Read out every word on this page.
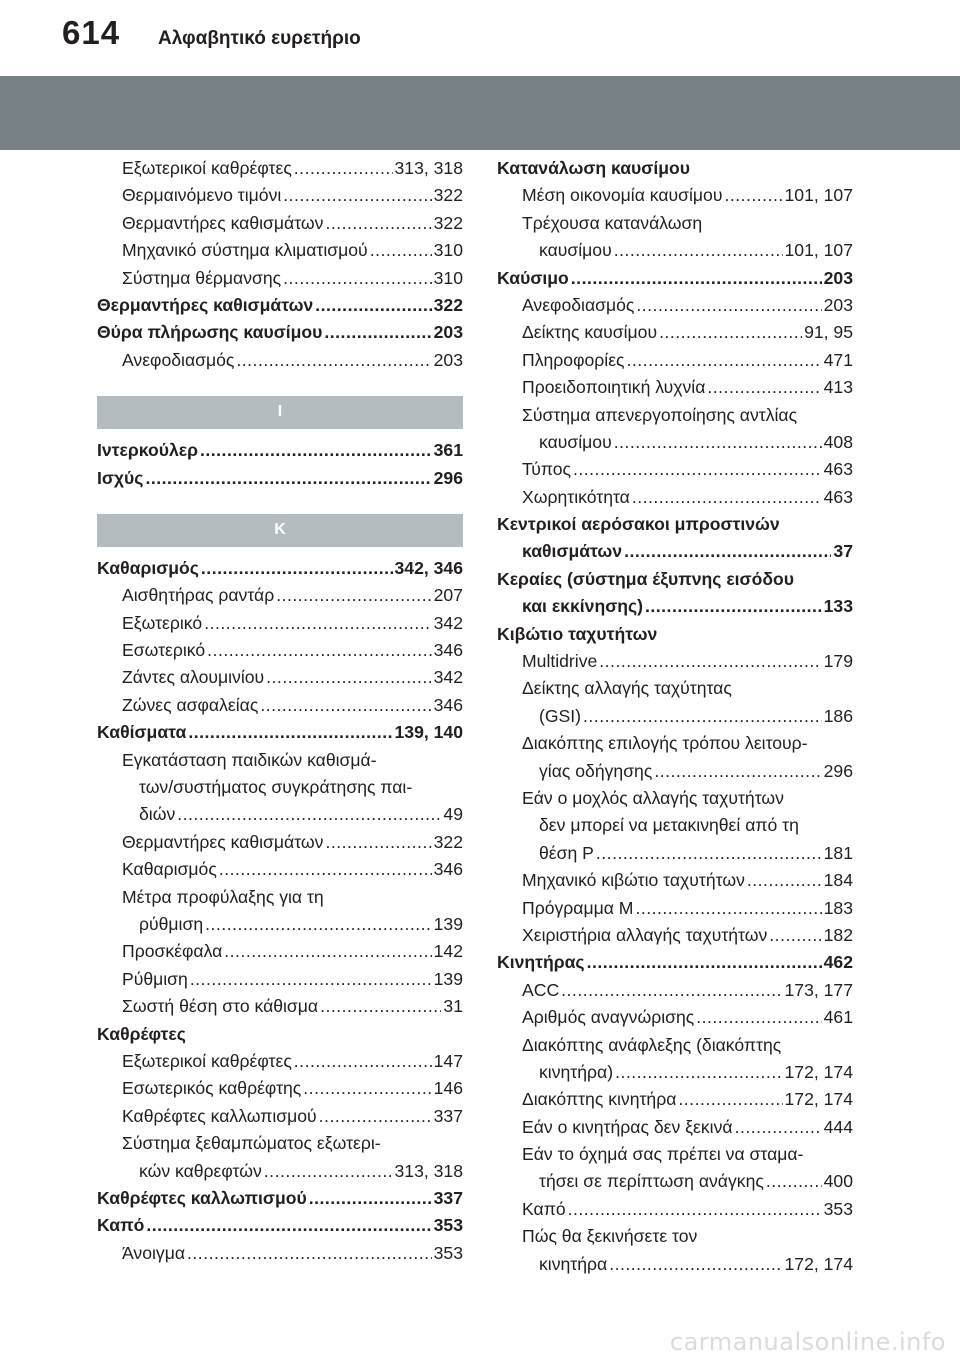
614 Αλφαβητικό ευρετήριο
Εξωτερικοί καθρέφτες .....	313, 318
Θερμαινόμενο τιμόνι .....	322
Θερμαντήρες καθισμάτων .....	322
Μηχανικό σύστημα κλιματισμού .....	310
Σύστημα θέρμανσης .....	310
Θερμαντήρες καθισμάτων .....	322
Θύρα πλήρωσης καυσίμου .....	203
Ανεφοδιασμός .....	203
I
Ιντερκούλερ .....	361
Ισχύς .....	296
K
Καθαρισμός .....	342, 346
Αισθητήρας ραντάρ .....	207
Εξωτερικό .....	342
Εσωτερικό .....	346
Ζάντες αλουμινίου .....	342
Ζώνες ασφαλείας .....	346
Καθίσματα .....	139, 140
Εγκατάσταση παιδικών καθισμά-
των/συστήματος συγκράτησης παι-
διών .....	49
Θερμαντήρες καθισμάτων .....	322
Καθαρισμός .....	346
Μέτρα προφύλαξης για τη
ρύθμιση .....	139
Προσκέφαλα .....	142
Ρύθμιση .....	139
Σωστή θέση στο κάθισμα .....	31
Καθρέφτες
Εξωτερικοί καθρέφτες .....	147
Εσωτερικός καθρέφτης .....	146
Καθρέφτες καλλωπισμού .....	337
Σύστημα ξεθαμπώματος εξωτερι-
κών καθρεφτών .....	313, 318
Καθρέφτες καλλωπισμού .....	337
Καπό .....	353
Άνοιγμα .....	353
Κατανάλωση καυσίμου
Μέση οικονομία καυσίμου .....	101, 107
Τρέχουσα κατανάλωση
καυσίμου .....	101, 107
Καύσιμο .....	203
Ανεφοδιασμός .....	203
Δείκτης καυσίμου .....	91, 95
Πληροφορίες .....	471
Προειδοποιητική λυχνία .....	413
Σύστημα απενεργοποίησης αντλίας
καυσίμου .....	408
Τύπος .....	463
Χωρητικότητα .....	463
Κεντρικοί αερόσακοι μπροστινών
καθισμάτων .....	37
Κεραίες (σύστημα έξυπνης εισόδου
και εκκίνησης) .....	133
Κιβώτιο ταχυτήτων
Multidrive .....	179
Δείκτης αλλαγής ταχύτητας
(GSI) .....	186
Διακόπτης επιλογής τρόπου λειτουρ-
γίας οδήγησης .....	296
Εάν ο μοχλός αλλαγής ταχυτήτων
δεν μπορεί να μετακινηθεί από τη
θέση P .....	181
Μηχανικό κιβώτιο ταχυτήτων .....	184
Πρόγραμμα M .....	183
Χειριστήρια αλλαγής ταχυτήτων .....	182
Κινητήρας .....	462
ACC .....	173, 177
Αριθμός αναγνώρισης .....	461
Διακόπτης ανάφλεξης (διακόπτης
κινητήρα) .....	172, 174
Διακόπτης κινητήρα .....	172, 174
Εάν ο κινητήρας δεν ξεκινά .....	444
Εάν το όχημά σας πρέπει να σταμα-
τήσει σε περίπτωση ανάγκης .....	400
Καπό .....	353
Πώς θα ξεκινήσετε τον
κινητήρα .....	172, 174
carmanualsonline.info
